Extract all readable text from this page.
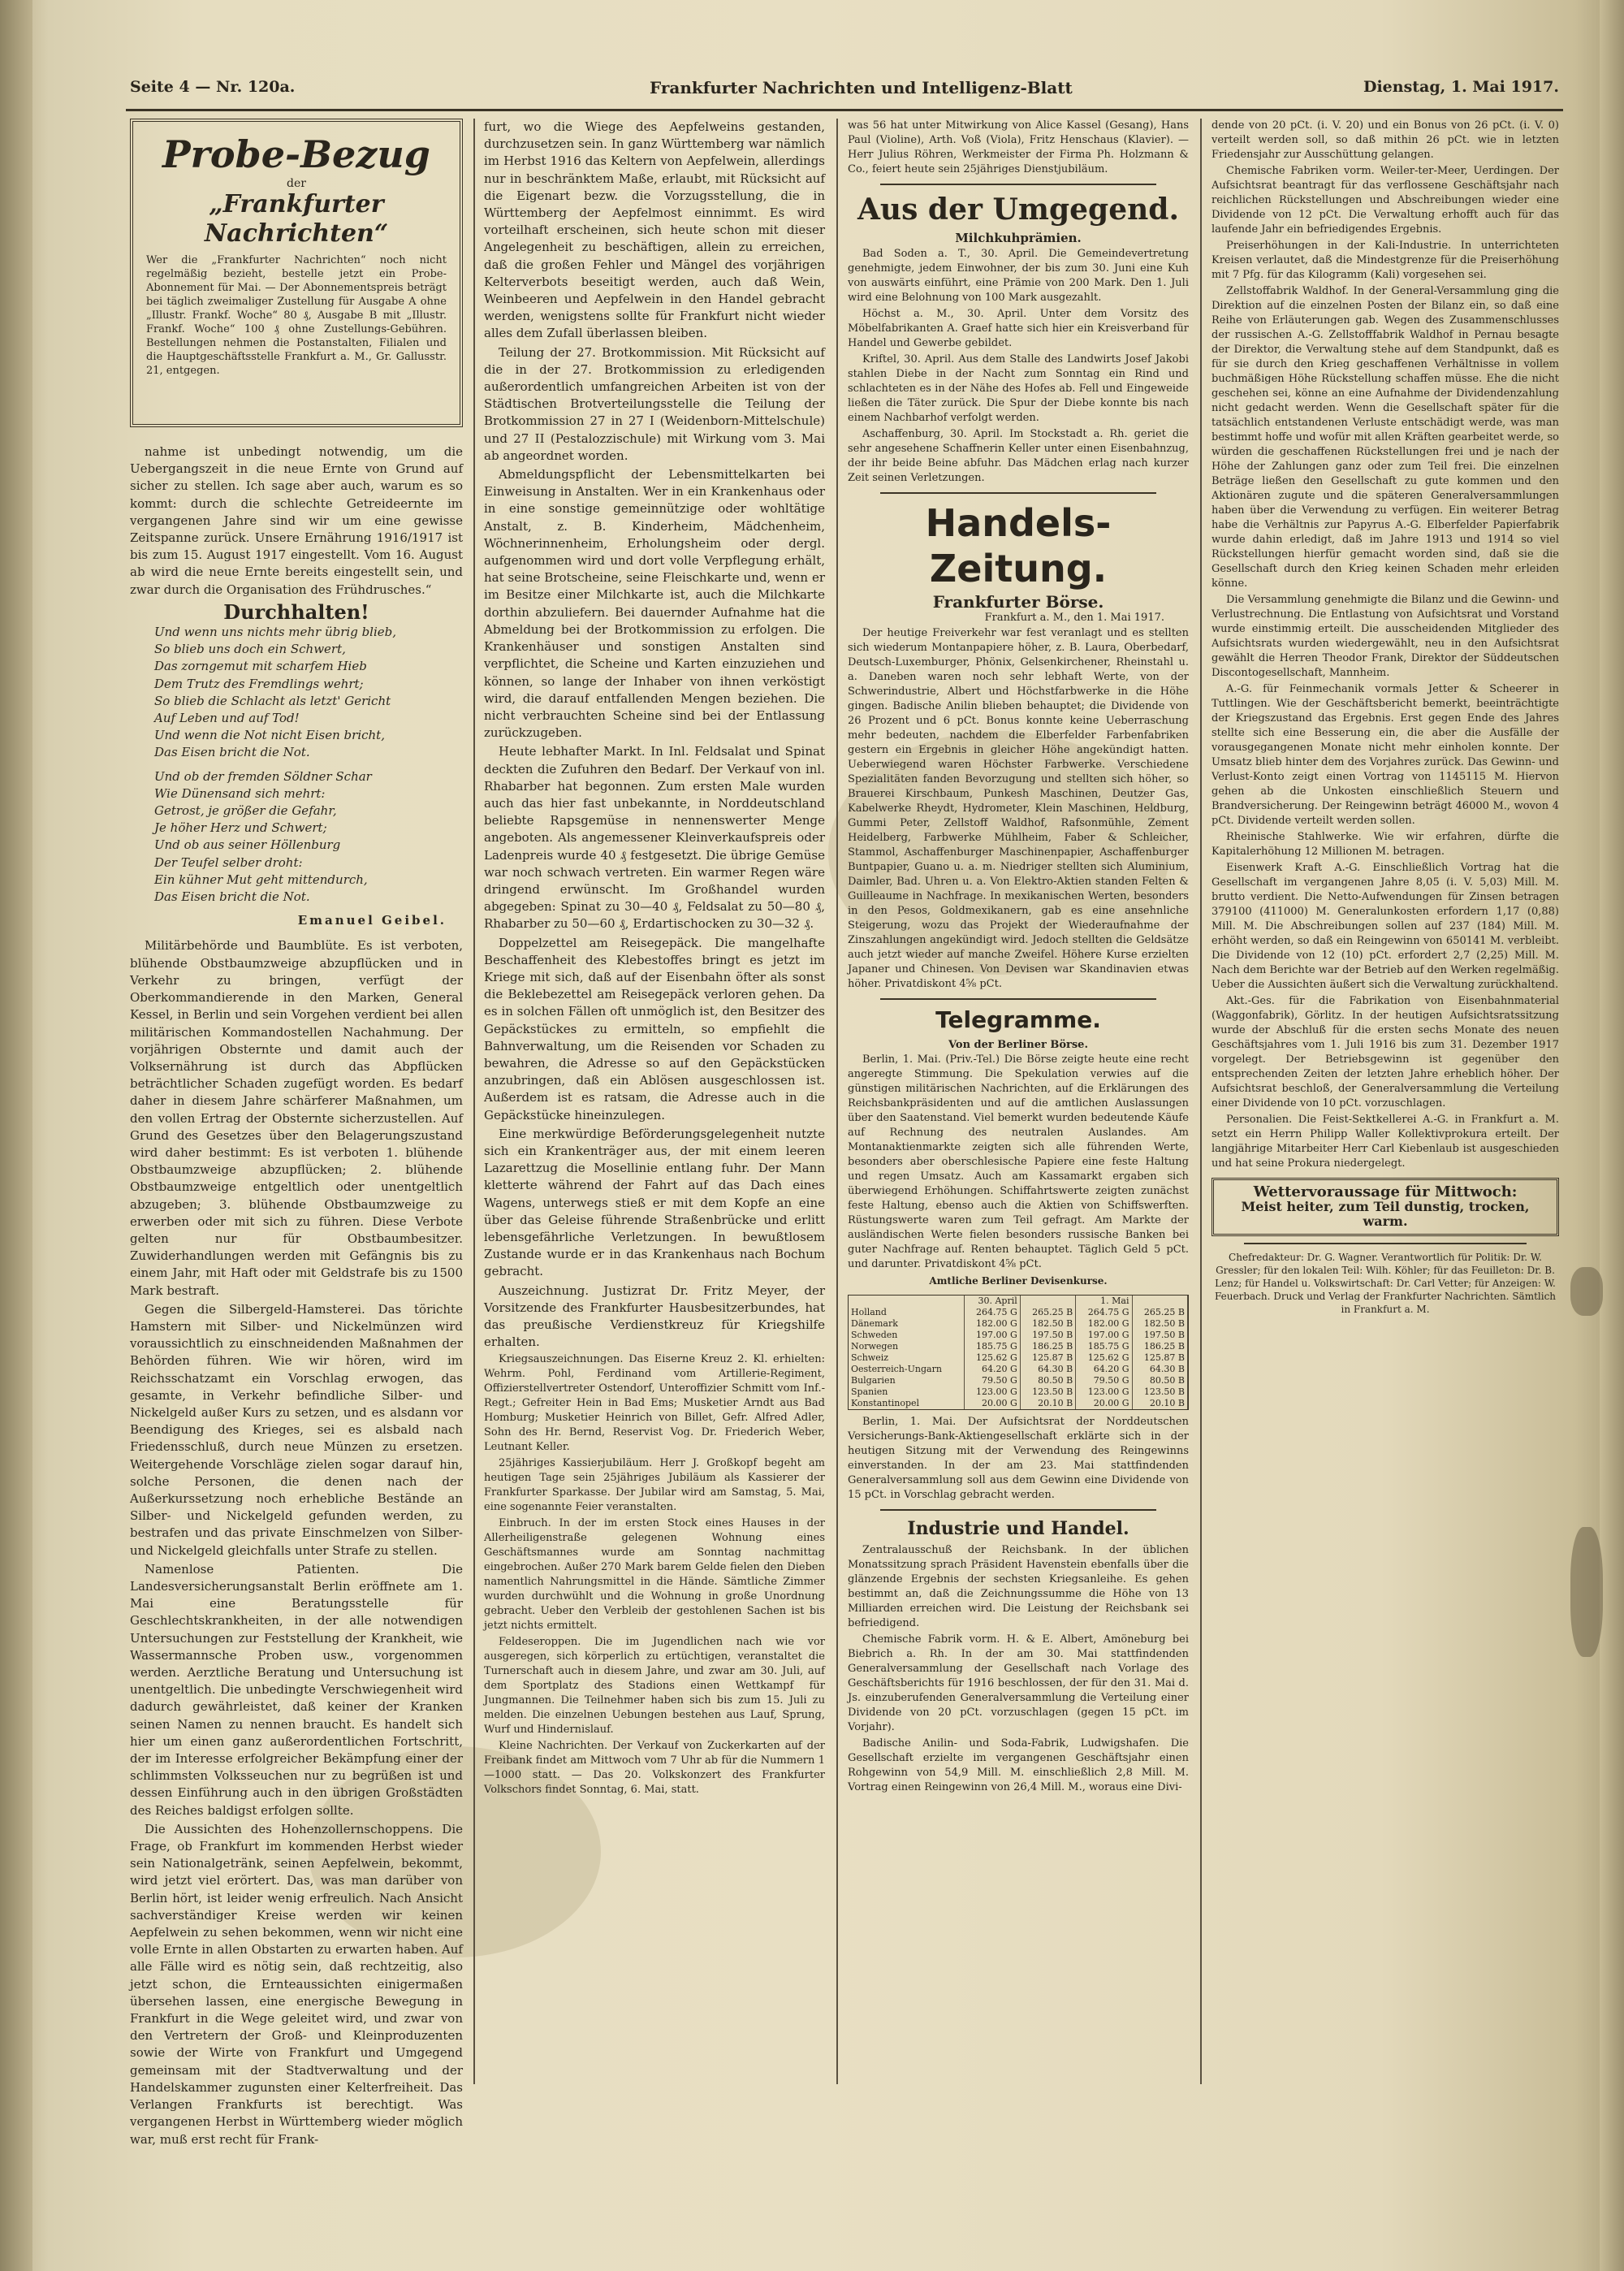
Seite 4 — Nr. 120a.	Frankfurter Nachrichten und Intelligenz-Blatt	Dienstag, 1. Mai 1917.
Probe-Bezug
der
„Frankfurter Nachrichten“

Wer die „Frankfurter Nachrichten“ noch nicht regelmäßig bezieht, bestelle jetzt ein Probe-Abonnement für Mai. — Der Abonnementspreis beträgt bei täglich zweimaliger Zustellung für Ausgabe A ohne „Illustr. Frankf. Woche“ 80 ₰, Ausgabe B mit „Illustr. Frankf. Woche“ 100 ₰ ohne Zustellungs-Gebühren. Bestellungen nehmen die Postanstalten, Filialen und die Hauptgeschäftsstelle Frankfurt a. M., Gr. Gallusstr. 21, entgegen.

nahme ist unbedingt notwendig, um die Uebergangszeit in die neue Ernte von Grund auf sicher zu stellen. Ich sage aber auch, warum es so kommt: durch die schlechte Getreideernte im vergangenen Jahre sind wir um eine gewisse Zeitspanne zurück. Unsere Ernährung 1916/1917 ist bis zum 15. August 1917 eingestellt. Vom 16. August ab wird die neue Ernte bereits eingestellt sein, und zwar durch die Organisation des Frühdrusches.“

Durchhalten!
Und wenn uns nichts mehr übrig blieb,
So blieb uns doch ein Schwert,
Das zorngemut mit scharfem Hieb
Dem Trutz des Fremdlings wehrt;
So blieb die Schlacht als letzt' Gericht
Auf Leben und auf Tod!
Und wenn die Not nicht Eisen bricht,
Das Eisen bricht die Not.
Und ob der fremden Söldner Schar
Wie Dünensand sich mehrt:
Getrost, je größer die Gefahr,
Je höher Herz und Schwert;
Und ob aus seiner Höllenburg
Der Teufel selber droht:
Ein kühner Mut geht mittendurch,
Das Eisen bricht die Not.
Emanuel Geibel.

Militärbehörde und Baumblüte. Es ist verboten, blühende Obstbaumzweige abzupflücken und in Verkehr zu bringen, verfügt der Oberkommandierende in den Marken, General Kessel, in Berlin und sein Vorgehen verdient bei allen militärischen Kommandostellen Nachahmung. Der vorjährigen Obsternte und damit auch der Volksernährung ist durch das Abpflücken beträchtlicher Schaden zugefügt worden. Es bedarf daher in diesem Jahre schärferer Maßnahmen, um den vollen Ertrag der Obsternte sicherzustellen. Auf Grund des Gesetzes über den Belagerungszustand wird daher bestimmt: Es ist verboten 1. blühende Obstbaumzweige abzupflücken; 2. blühende Obstbaumzweige entgeltlich oder unentgeltlich abzugeben; 3. blühende Obstbaumzweige zu erwerben oder mit sich zu führen. Diese Verbote gelten nur für Obstbaumbesitzer. Zuwiderhandlungen werden mit Gefängnis bis zu einem Jahr, mit Haft oder mit Geldstrafe bis zu 1500 Mark bestraft.

Gegen die Silbergeld-Hamsterei. Das törichte Hamstern mit Silber- und Nickelmünzen wird voraussichtlich zu einschneidenden Maßnahmen der Behörden führen. Wie wir hören, wird im Reichsschatzamt ein Vorschlag erwogen, das gesamte, in Verkehr befindliche Silber- und Nickelgeld außer Kurs zu setzen, und es alsdann vor Beendigung des Krieges, sei es alsbald nach Friedensschluß, durch neue Münzen zu ersetzen. Weitergehende Vorschläge zielen sogar darauf hin, solche Personen, die denen nach der Außerkurssetzung noch erhebliche Bestände an Silber- und Nickelgeld gefunden werden, zu bestrafen und das private Einschmelzen von Silber- und Nickelgeld gleichfalls unter Strafe zu stellen.

Namenlose Patienten. Die Landesversicherungsanstalt Berlin eröffnete am 1. Mai eine Beratungsstelle für Geschlechtskrankheiten, in der alle notwendigen Untersuchungen zur Feststellung der Krankheit, wie Wassermannsche Proben usw., vorgenommen werden. Aerztliche Beratung und Untersuchung ist unentgeltlich. Die unbedingte Verschwiegenheit wird dadurch gewährleistet, daß keiner der Kranken seinen Namen zu nennen braucht. Es handelt sich hier um einen ganz außerordentlichen Fortschritt, der im Interesse erfolgreicher Bekämpfung einer der schlimmsten Volksseuchen nur zu begrüßen ist und dessen Einführung auch in den übrigen Großstädten des Reiches baldigst erfolgen sollte.

Die Aussichten des Hohenzollernschoppens. Die Frage, ob Frankfurt im kommenden Herbst wieder sein Nationalgetränk, seinen Aepfelwein, bekommt, wird jetzt viel erörtert. Das, was man darüber von Berlin hört, ist leider wenig erfreulich. Nach Ansicht sachverständiger Kreise werden wir keinen Aepfelwein zu sehen bekommen, wenn wir nicht eine volle Ernte in allen Obstarten zu erwarten haben. Auf alle Fälle wird es nötig sein, daß rechtzeitig, also jetzt schon, die Ernteaussichten einigermaßen übersehen lassen, eine energische Bewegung in Frankfurt in die Wege geleitet wird, und zwar von den Vertretern der Groß- und Kleinproduzenten sowie der Wirte von Frankfurt und Umgegend gemeinsam mit der Stadtverwaltung und der Handelskammer zugunsten einer Kelterfreiheit. Das Verlangen Frankfurts ist berechtigt. Was vergangenen Herbst in Württemberg wieder möglich war, muß erst recht für Frank-

furt, wo die Wiege des Aepfelweins gestanden, durchzusetzen sein. In ganz Württemberg war nämlich im Herbst 1916 das Keltern von Aepfelwein, allerdings nur in beschränktem Maße, erlaubt, mit Rücksicht auf die Eigenart bezw. die Vorzugsstellung, die in Württemberg der Aepfelmost einnimmt. Es wird vorteilhaft erscheinen, sich heute schon mit dieser Angelegenheit zu beschäftigen, allein zu erreichen, daß die großen Fehler und Mängel des vorjährigen Kelterverbots beseitigt werden, auch daß Wein, Weinbeeren und Aepfelwein in den Handel gebracht werden, wenigstens sollte für Frankfurt nicht wieder alles dem Zufall überlassen bleiben.

Teilung der 27. Brotkommission. Mit Rücksicht auf die in der 27. Brotkommission zu erledigenden außerordentlich umfangreichen Arbeiten ist von der Städtischen Brotverteilungsstelle die Teilung der Brotkommission 27 in 27 I (Weidenborn-Mittelschule) und 27 II (Pestalozzischule) mit Wirkung vom 3. Mai ab angeordnet worden.

Abmeldungspflicht der Lebensmittelkarten bei Einweisung in Anstalten. Wer in ein Krankenhaus oder in eine sonstige gemeinnützige oder wohltätige Anstalt, z. B. Kinderheim, Mädchenheim, Wöchnerinnenheim, Erholungsheim oder dergl. aufgenommen wird und dort volle Verpflegung erhält, hat seine Brotscheine, seine Fleischkarte und, wenn er im Besitze einer Milchkarte ist, auch die Milchkarte dorthin abzuliefern. Bei dauernder Aufnahme hat die Abmeldung bei der Brotkommission zu erfolgen. Die Krankenhäuser und sonstigen Anstalten sind verpflichtet, die Scheine und Karten einzuziehen und können, so lange der Inhaber von ihnen verköstigt wird, die darauf entfallenden Mengen beziehen. Die nicht verbrauchten Scheine sind bei der Entlassung zurückzugeben.

Heute lebhafter Markt. In Inl. Feldsalat und Spinat deckten die Zufuhren den Bedarf. Der Verkauf von inl. Rhabarber hat begonnen. Zum ersten Male wurden auch das hier fast unbekannte, in Norddeutschland beliebte Rapsgemüse in nennenswerter Menge angeboten. Als angemessener Kleinverkaufspreis oder Ladenpreis wurde 40 ₰ festgesetzt. Die übrige Gemüse war noch schwach vertreten. Ein warmer Regen wäre dringend erwünscht. Im Großhandel wurden abgegeben: Spinat zu 30—40 ₰, Feldsalat zu 50—80 ₰, Rhabarber zu 50—60 ₰, Erdartischocken zu 30—32 ₰.

Doppelzettel am Reisegepäck. Die mangelhafte Beschaffenheit des Klebestoffes bringt es jetzt im Kriege mit sich, daß auf der Eisenbahn öfter als sonst die Beklebezettel am Reisegepäck verloren gehen. Da es in solchen Fällen oft unmöglich ist, den Besitzer des Gepäckstückes zu ermitteln, so empfiehlt die Bahnverwaltung, um die Reisenden vor Schaden zu bewahren, die Adresse so auf den Gepäckstücken anzubringen, daß ein Ablösen ausgeschlossen ist. Außerdem ist es ratsam, die Adresse auch in die Gepäckstücke hineinzulegen.

Eine merkwürdige Beförderungsgelegenheit nutzte sich ein Krankenträger aus, der mit einem leeren Lazarettzug die Mosellinie entlang fuhr. Der Mann kletterte während der Fahrt auf das Dach eines Wagens, unterwegs stieß er mit dem Kopfe an eine über das Geleise führende Straßenbrücke und erlitt lebensgefährliche Verletzungen. In bewußtlosem Zustande wurde er in das Krankenhaus nach Bochum gebracht.

Auszeichnung. Justizrat Dr. Fritz Meyer, der Vorsitzende des Frankfurter Hausbesitzerbundes, hat das preußische Verdienstkreuz für Kriegshilfe erhalten.

Kriegsauszeichnungen. Das Eiserne Kreuz 2. Kl. erhielten: Wehrm. Pohl, Ferdinand vom Artillerie-Regiment, Offizierstellvertreter Ostendorf, Unteroffizier Schmitt vom Inf.-Regt.; Gefreiter Hein in Bad Ems; Musketier Arndt aus Bad Homburg; Musketier Heinrich von Billet, Gefr. Alfred Adler, Sohn des Hr. Bernd, Reservist Vog. Dr. Friederich Weber, Leutnant Keller.

25jähriges Kassierjubiläum. Herr J. Großkopf begeht am heutigen Tage sein 25jähriges Jubiläum als Kassierer der Frankfurter Sparkasse. Der Jubilar wird am Samstag, 5. Mai, eine sogenannte Feier veranstalten.

Einbruch. In der im ersten Stock eines Hauses in der Allerheiligenstraße gelegenen Wohnung eines Geschäftsmannes wurde am Sonntag nachmittag eingebrochen. Außer 270 Mark barem Gelde fielen den Dieben namentlich Nahrungsmittel in die Hände. Sämtliche Zimmer wurden durchwühlt und die Wohnung in große Unordnung gebracht. Ueber den Verbleib der gestohlenen Sachen ist bis jetzt nichts ermittelt.

Feldeseroppen. Die im Jugendlichen nach wie vor ausgeregen, sich körperlich zu ertüchtigen, veranstaltet die Turnerschaft auch in diesem Jahre, und zwar am 30. Juli, auf dem Sportplatz des Stadions einen Wettkampf für Jungmannen. Die Teilnehmer haben sich bis zum 15. Juli zu melden. Die einzelnen Uebungen bestehen aus Lauf, Sprung, Wurf und Hindernislauf.

Kleine Nachrichten. Der Verkauf von Zuckerkarten auf der Freibank findet am Mittwoch vom 7 Uhr ab für die Nummern 1—1000 statt. — Das 20. Volkskonzert des Frankfurter Volkschors findet Sonntag, 6. Mai, statt.

was 56 hat unter Mitwirkung von Alice Kassel (Gesang), Hans Paul (Violine), Arth. Voß (Viola), Fritz Henschaus (Klavier). — Herr Julius Röhren, Werkmeister der Firma Ph. Holzmann & Co., feiert heute sein 25jähriges Dienstjubiläum.

Aus der Umgegend.
Milchkuhprämien.

Bad Soden a. T., 30. April. Die Gemeindevertretung genehmigte, jedem Einwohner, der bis zum 30. Juni eine Kuh von auswärts einführt, eine Prämie von 200 Mark. Den 1. Juli wird eine Belohnung von 100 Mark ausgezahlt.

Höchst a. M., 30. April. Unter dem Vorsitz des Möbelfabrikanten A. Graef hatte sich hier ein Kreisverband für Handel und Gewerbe gebildet.

Kriftel, 30. April. Aus dem Stalle des Landwirts Josef Jakobi stahlen Diebe in der Nacht zum Sonntag ein Rind und schlachteten es in der Nähe des Hofes ab. Fell und Eingeweide ließen die Täter zurück. Die Spur der Diebe konnte bis nach einem Nachbarhof verfolgt werden.

Aschaffenburg, 30. April. Im Stockstadt a. Rh. geriet die sehr angesehene Schaffnerin Keller unter einen Eisenbahnzug, der ihr beide Beine abfuhr. Das Mädchen erlag nach kurzer Zeit seinen Verletzungen.

Handels-Zeitung.
Frankfurter Börse.
Frankfurt a. M., den 1. Mai 1917.

Der heutige Freiverkehr war fest veranlagt und es stellten sich wiederum Montanpapiere höher, z. B. Laura, Oberbedarf, Deutsch-Luxemburger, Phönix, Gelsenkirchener, Rheinstahl u. a. Daneben waren noch sehr lebhaft Werte, von der Schwerindustrie, Albert und Höchstfarbwerke in die Höhe gingen. Badische Anilin blieben behauptet; die Dividende von 26 Prozent und 6 pCt. Bonus konnte keine Ueberraschung mehr bedeuten, nachdem die Elberfelder Farbenfabriken gestern ein Ergebnis in gleicher Höhe angekündigt hatten. Ueberwiegend waren Höchster Farbwerke. Verschiedene Spezialitäten fanden Bevorzugung und stellten sich höher, so Brauerei Kirschbaum, Punkesh Maschinen, Deutzer Gas, Kabelwerke Rheydt, Hydrometer, Klein Maschinen, Heldburg, Gummi Peter, Zellstoff Waldhof, Rafsonmühle, Zement Heidelberg, Farbwerke Mühlheim, Faber & Schleicher, Stammol, Aschaffenburger Maschinenpapier, Aschaffenburger Buntpapier, Guano u. a. m. Niedriger stellten sich Aluminium, Daimler, Bad. Uhren u. a. Von Elektro-Aktien standen Felten & Guilleaume in Nachfrage. In mexikanischen Werten, besonders in den Pesos, Goldmexikanern, gab es eine ansehnliche Steigerung, wozu das Projekt der Wiederaufnahme der Zinszahlungen angekündigt wird. Jedoch stellten die Geldsätze auch jetzt wieder auf manche Zweifel. Höhere Kurse erzielten Japaner und Chinesen. Von Devisen war Skandinavien etwas höher. Privatdiskont 4⅝ pCt.

Telegramme.
Von der Berliner Börse.

Berlin, 1. Mai. (Priv.-Tel.) Die Börse zeigte heute eine recht angeregte Stimmung. Die Spekulation verwies auf die günstigen militärischen Nachrichten, auf die Erklärungen des Reichsbankpräsidenten und auf die amtlichen Auslassungen über den Saatenstand. Viel bemerkt wurden bedeutende Käufe auf Rechnung des neutralen Auslandes. Am Montanaktienmarkte zeigten sich alle führenden Werte, besonders aber oberschlesische Papiere eine feste Haltung und regen Umsatz. Auch am Kassamarkt ergaben sich überwiegend Erhöhungen. Schiffahrtswerte zeigten zunächst feste Haltung, ebenso auch die Aktien von Schiffswerften. Rüstungswerte waren zum Teil gefragt. Am Markte der ausländischen Werte fielen besonders russische Banken bei guter Nachfrage auf. Renten behauptet. Täglich Geld 5 pCt. und darunter. Privatdiskont 4⅝ pCt.

Amtliche Berliner Devisenkurse.
	30. April		1. Mai	
Holland	264.75 G	265.25 B	264.75 G	265.25 B
Dänemark	182.00 G	182.50 B	182.00 G	182.50 B
Schweden	197.00 G	197.50 B	197.00 G	197.50 B
Norwegen	185.75 G	186.25 B	185.75 G	186.25 B
Schweiz	125.62 G	125.87 B	125.62 G	125.87 B
Oesterreich-Ungarn	64.20 G	64.30 B	64.20 G	64.30 B
Bulgarien	79.50 G	80.50 B	79.50 G	80.50 B
Spanien	123.00 G	123.50 B	123.00 G	123.50 B
Konstantinopel	20.00 G	20.10 B	20.00 G	20.10 B

Berlin, 1. Mai. Der Aufsichtsrat der Norddeutschen Versicherungs-Bank-Aktiengesellschaft erklärte sich in der heutigen Sitzung mit der Verwendung des Reingewinns einverstanden. In der am 23. Mai stattfindenden Generalversammlung soll aus dem Gewinn eine Dividende von 15 pCt. in Vorschlag gebracht werden.

Industrie und Handel.

Zentralausschuß der Reichsbank. In der üblichen Monatssitzung sprach Präsident Havenstein ebenfalls über die glänzende Ergebnis der sechsten Kriegsanleihe. Es gehen bestimmt an, daß die Zeichnungssumme die Höhe von 13 Milliarden erreichen wird. Die Leistung der Reichsbank sei befriedigend.

Chemische Fabrik vorm. H. & E. Albert, Amöneburg bei Biebrich a. Rh. In der am 30. Mai stattfindenden Generalversammlung der Gesellschaft nach Vorlage des Geschäftsberichts für 1916 beschlossen, der für den 31. Mai d. Js. einzuberufenden Generalversammlung die Verteilung einer Dividende von 20 pCt. vorzuschlagen (gegen 15 pCt. im Vorjahr).

Badische Anilin- und Soda-Fabrik, Ludwigshafen. Die Gesellschaft erzielte im vergangenen Geschäftsjahr einen Rohgewinn von 54,9 Mill. M. einschließlich 2,8 Mill. M. Vortrag einen Reingewinn von 26,4 Mill. M., woraus eine Divi-

dende von 20 pCt. (i. V. 20) und ein Bonus von 26 pCt. (i. V. 0) verteilt werden soll, so daß mithin 26 pCt. wie in letzten Friedensjahr zur Ausschüttung gelangen.

Chemische Fabriken vorm. Weiler-ter-Meer, Uerdingen. Der Aufsichtsrat beantragt für das verflossene Geschäftsjahr nach reichlichen Rückstellungen und Abschreibungen wieder eine Dividende von 12 pCt. Die Verwaltung erhofft auch für das laufende Jahr ein befriedigendes Ergebnis.

Preiserhöhungen in der Kali-Industrie. In unterrichteten Kreisen verlautet, daß die Mindestgrenze für die Preiserhöhung mit 7 Pfg. für das Kilogramm (Kali) vorgesehen sei.

Zellstoffabrik Waldhof. In der General-Versammlung ging die Direktion auf die einzelnen Posten der Bilanz ein, so daß eine Reihe von Erläuterungen gab. Wegen des Zusammenschlusses der russischen A.-G. Zellstofffabrik Waldhof in Pernau besagte der Direktor, die Verwaltung stehe auf dem Standpunkt, daß es für sie durch den Krieg geschaffenen Verhältnisse in vollem buchmäßigen Höhe Rückstellung schaffen müsse. Ehe die nicht geschehen sei, könne an eine Aufnahme der Dividendenzahlung nicht gedacht werden. Wenn die Gesellschaft später für die tatsächlich entstandenen Verluste entschädigt werde, was man bestimmt hoffe und wofür mit allen Kräften gearbeitet werde, so würden die geschaffenen Rückstellungen frei und je nach der Höhe der Zahlungen ganz oder zum Teil frei. Die einzelnen Beträge ließen den Gesellschaft zu gute kommen und den Aktionären zugute und die späteren Generalversammlungen haben über die Verwendung zu verfügen. Ein weiterer Betrag habe die Verhältnis zur Papyrus A.-G. Elberfelder Papierfabrik wurde dahin erledigt, daß im Jahre 1913 und 1914 so viel Rückstellungen hierfür gemacht worden sind, daß sie die Gesellschaft durch den Krieg keinen Schaden mehr erleiden könne.

Die Versammlung genehmigte die Bilanz und die Gewinn- und Verlustrechnung. Die Entlastung von Aufsichtsrat und Vorstand wurde einstimmig erteilt. Die ausscheidenden Mitglieder des Aufsichtsrats wurden wiedergewählt, neu in den Aufsichtsrat gewählt die Herren Theodor Frank, Direktor der Süddeutschen Discontogesellschaft, Mannheim.

A.-G. für Feinmechanik vormals Jetter & Scheerer in Tuttlingen. Wie der Geschäftsbericht bemerkt, beeinträchtigte der Kriegszustand das Ergebnis. Erst gegen Ende des Jahres stellte sich eine Besserung ein, die aber die Ausfälle der vorausgegangenen Monate nicht mehr einholen konnte. Der Umsatz blieb hinter dem des Vorjahres zurück. Das Gewinn- und Verlust-Konto zeigt einen Vortrag von 1145115 M. Hiervon gehen ab die Unkosten einschließlich Steuern und Brandversicherung. Der Reingewinn beträgt 46000 M., wovon 4 pCt. Dividende verteilt werden sollen.

Rheinische Stahlwerke. Wie wir erfahren, dürfte die Kapitalerhöhung 12 Millionen M. betragen.

Eisenwerk Kraft A.-G. Einschließlich Vortrag hat die Gesellschaft im vergangenen Jahre 8,05 (i. V. 5,03) Mill. M. brutto verdient. Die Netto-Aufwendungen für Zinsen betragen 379100 (411000) M. Generalunkosten erfordern 1,17 (0,88) Mill. M. Die Abschreibungen sollen auf 237 (184) Mill. M. erhöht werden, so daß ein Reingewinn von 650141 M. verbleibt. Die Dividende von 12 (10) pCt. erfordert 2,7 (2,25) Mill. M. Nach dem Berichte war der Betrieb auf den Werken regelmäßig. Ueber die Aussichten äußert sich die Verwaltung zurückhaltend.

Akt.-Ges. für die Fabrikation von Eisenbahnmaterial (Waggonfabrik), Görlitz. In der heutigen Aufsichtsratssitzung wurde der Abschluß für die ersten sechs Monate des neuen Geschäftsjahres vom 1. Juli 1916 bis zum 31. Dezember 1917 vorgelegt. Der Betriebsgewinn ist gegenüber den entsprechenden Zeiten der letzten Jahre erheblich höher. Der Aufsichtsrat beschloß, der Generalversammlung die Verteilung einer Dividende von 10 pCt. vorzuschlagen.

Personalien. Die Feist-Sektkellerei A.-G. in Frankfurt a. M. setzt ein Herrn Philipp Waller Kollektivprokura erteilt. Der langjährige Mitarbeiter Herr Carl Kiebenlaub ist ausgeschieden und hat seine Prokura niedergelegt.

Wettervoraussage für Mittwoch:
Meist heiter, zum Teil dunstig, trocken, warm.
Chefredakteur: Dr. G. Wagner. Verantwortlich für Politik: Dr. W. Gressler; für den lokalen Teil: Wilh. Köhler; für das Feuilleton: Dr. B. Lenz; für Handel u. Volkswirtschaft: Dr. Carl Vetter; für Anzeigen: W. Feuerbach. Druck und Verlag der Frankfurter Nachrichten. Sämtlich in Frankfurt a. M.
